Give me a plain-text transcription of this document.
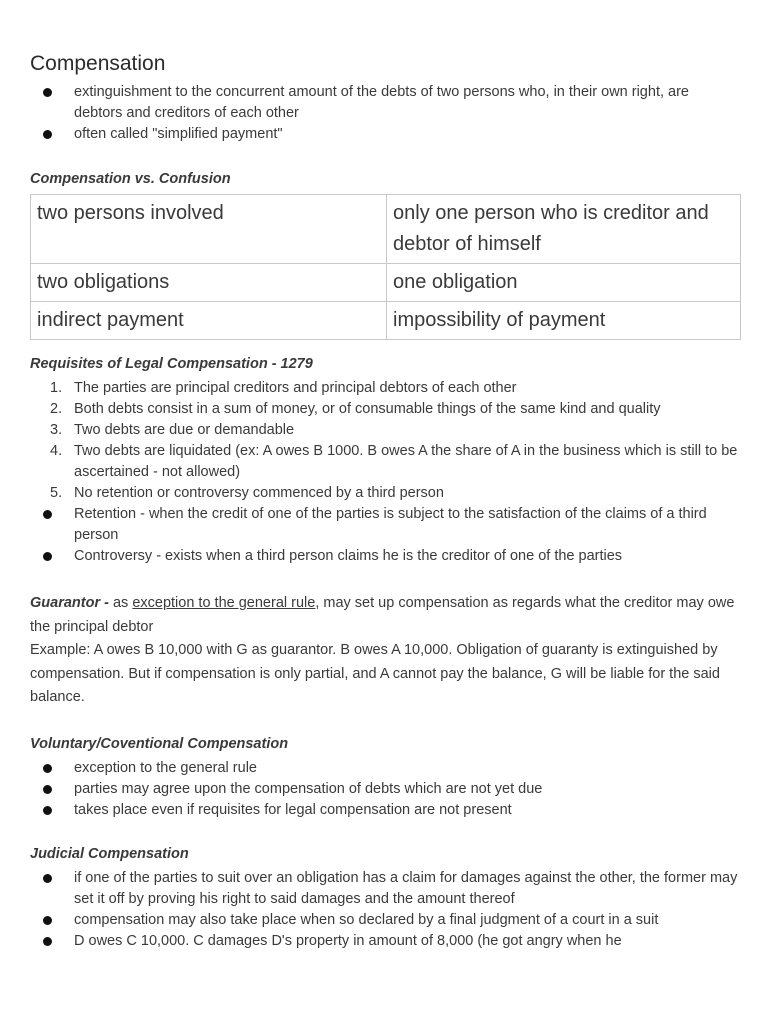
Compensation
extinguishment to the concurrent amount of the debts of two persons who, in their own right, are debtors and creditors of each other
often called "simplified payment"
Compensation vs. Confusion
two persons involved	only one person who is creditor and debtor of himself
two obligations	one obligation
indirect payment	impossibility of payment
Requisites of Legal Compensation - 1279
1. The parties are principal creditors and principal debtors of each other
2. Both debts consist in a sum of money, or of consumable things of the same kind and quality
3. Two debts are due or demandable
4. Two debts are liquidated (ex: A owes B 1000. B owes A the share of A in the business which is still to be ascertained - not allowed)
5. No retention or controversy commenced by a third person
Retention - when the credit of one of the parties is subject to the satisfaction of the claims of a third person
Controversy - exists when a third person claims he is the creditor of one of the parties

Guarantor - as exception to the general rule, may set up compensation as regards what the creditor may owe the principal debtor

Example: A owes B 10,000 with G as guarantor. B owes A 10,000. Obligation of guaranty is extinguished by compensation. But if compensation is only partial, and A cannot pay the balance, G will be liable for the said balance.

Voluntary/Coventional Compensation
exception to the general rule
parties may agree upon the compensation of debts which are not yet due
takes place even if requisites for legal compensation are not present
Judicial Compensation
if one of the parties to suit over an obligation has a claim for damages against the other, the former may set it off by proving his right to said damages and the amount thereof
compensation may also take place when so declared by a final judgment of a court in a suit
D owes C 10,000. C damages D's property in amount of 8,000 (he got angry when he
